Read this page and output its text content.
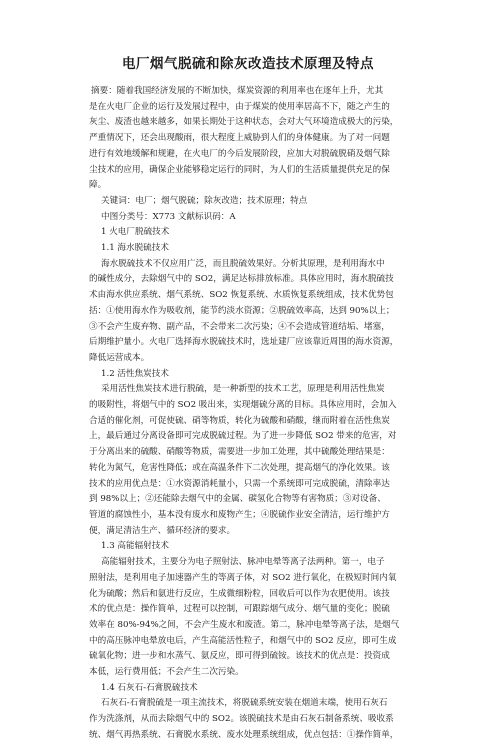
电厂烟气脱硫和除灰改造技术原理及特点
摘要：随着我国经济发展的不断加快，煤炭资源的利用率也在逐年上升，尤其
是在火电厂企业的运行及发展过程中，由于煤炭的使用率居高不下，随之产生的
灰尘、废渣也越来越多，如果长期处于这种状态，会对大气环境造成极大的污染，
严重情况下，还会出现酸雨，很大程度上威胁到人们的身体健康。为了对一问题
进行有效地缓解和规避，在火电厂的今后发展阶段，应加大对脱硫脱硝及烟气除
尘技术的应用，确保企业能够稳定运行的同时，为人们的生活质量提供充足的保
障。
关键词：电厂；烟气脱硫；除灰改造；技术原理；特点
中图分类号：X773 文献标识码：A
1 火电厂脱硫技术
1.1 海水脱硫技术
海水脱硫技术不仅应用广泛，而且脱硫效果好。分析其原理，是利用海水中
的碱性成分，去除烟气中的 SO2，满足达标排放标准。具体应用时，海水脱硫技
术由海水供应系统、烟气系统、SO2 恢复系统、水质恢复系统组成，技术优势包
括：①使用海水作为吸收剂，能节约淡水资源；②脱硫效率高，达到 90%以上；
③不会产生废弃物、副产品，不会带来二次污染；④不会造成管道结垢、堵塞，
后期维护量小。火电厂选择海水脱硫技术时，选址建厂应该靠近周围的海水资源，
降低运营成本。
1.2 活性焦炭技术
采用活性焦炭技术进行脱硫，是一种新型的技术工艺，原理是利用活性焦炭
的吸附性，将烟气中的 SO2 吸出来，实现烟硫分离的目标。具体应用时，会加入
合适的催化剂，可促使硫、硝等物质，转化为硫酸和硝酸，继而附着在活性焦炭
上，最后通过分离设备即可完成脱硫过程。为了进一步降低 SO2 带来的危害，对
于分离出来的硫酸、硝酸等物质，需要进一步加工处理，其中硫酸处理结果是：
转化为氮气，危害性降低；或在高温条件下二次处理，提高烟气的净化效果。该
技术的应用优点是：①水资源消耗量小，只需一个系统即可完成脱硫，清除率达
到 98%以上；②还能除去烟气中的金属、碳氢化合物等有害物质；③对设备、
管道的腐蚀性小，基本没有废水和废物产生；④脱硫作业安全清洁，运行维护方
便，满足清洁生产、循环经济的要求。
1.3 高能辐射技术
高能辐射技术，主要分为电子照射法、脉冲电晕等离子法两种。第一，电子
照射法，是利用电子加速器产生的等离子体，对 SO2 进行氧化，在极短时间内氧
化为硫酸；然后和氨进行反应，生成微细粉粒，回收后可以作为农肥使用。该技
术的优点是：操作简单，过程可以控制，可跟踪烟气成分、烟气量的变化；脱硫
效率在 80%-94%之间，不会产生废水和废渣。第二，脉冲电晕等离子法，是烟气
中的高压脉冲电晕放电后，产生高能活性粒子，和烟气中的 SO2 反应，即可生成
硫氧化物；进一步和水蒸气、氨反应，即可得到硫铵。该技术的优点是：投资成
本低，运行费用低；不会产生二次污染。
1.4 石灰石-石膏脱硫技术
石灰石-石膏脱硫是一项主流技术，将脱硫系统安装在烟道末端，使用石灰石
作为洗涤剂，从而去除烟气中的 SO2。该脱硫技术是由石灰石制备系统、吸收系
统、烟气再热系统、石膏脱水系统、废水处理系统组成，优点包括：①操作简单，
